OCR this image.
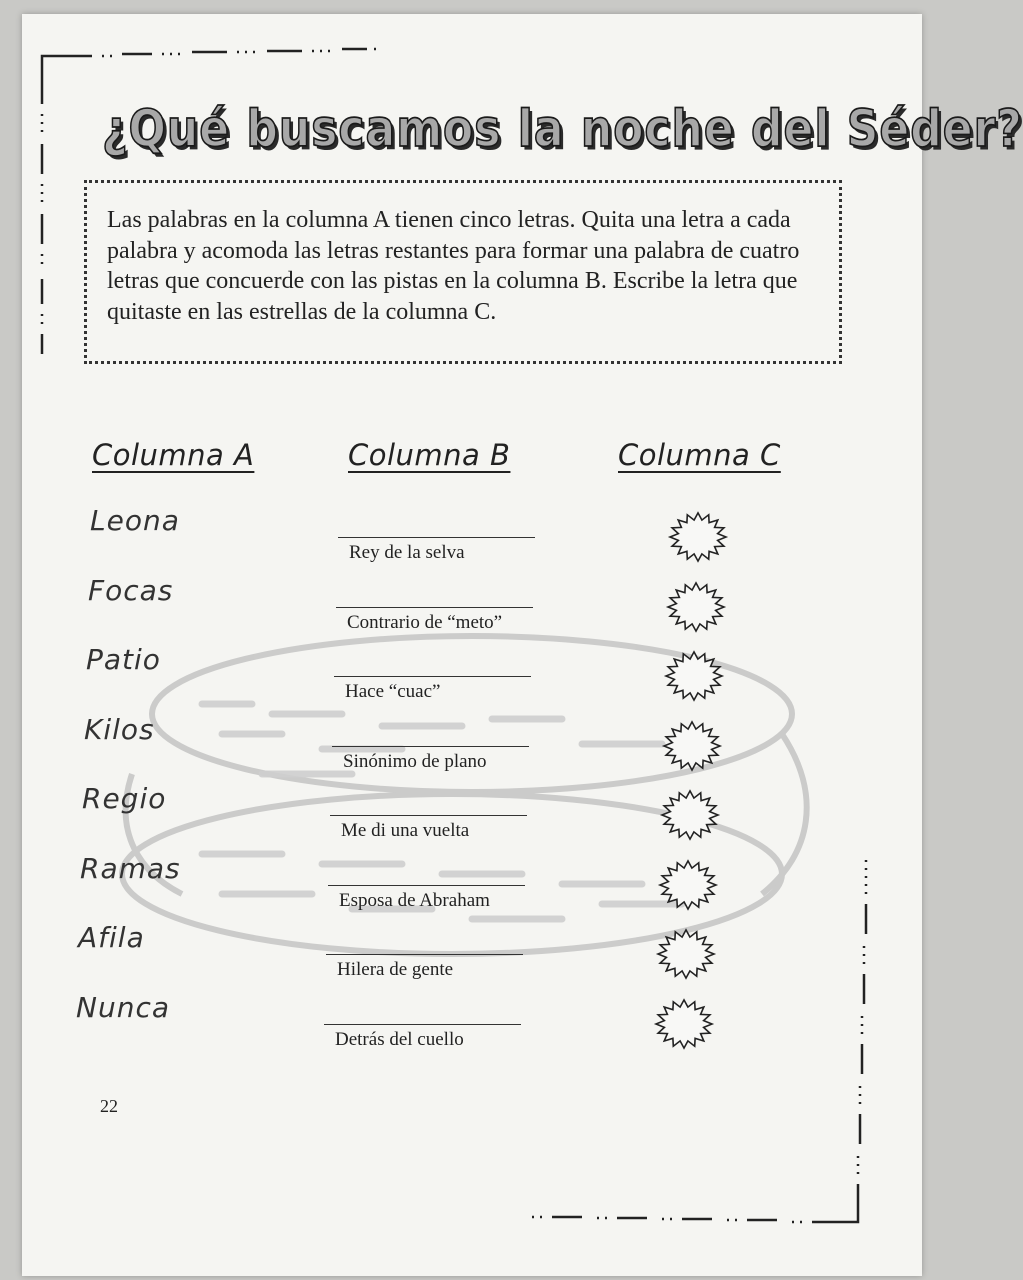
¿Qué buscamos la noche del Séder?
Las palabras en la columna A tienen cinco letras. Quita una letra a cada palabra y acomoda las letras restantes para formar una palabra de cuatro letras que concuerde con las pistas en la columna B. Escribe la letra que quitaste en las estrellas de la columna C.
Columna A	Columna B	Columna C
Leona
Rey de la selva
Focas
Contrario de “meto”
Patio
Hace “cuac”
Kilos
Sinónimo de plano
Regio
Me di una vuelta
Ramas
Esposa de Abraham
Afila
Hilera de gente
Nunca
Detrás del cuello
22
